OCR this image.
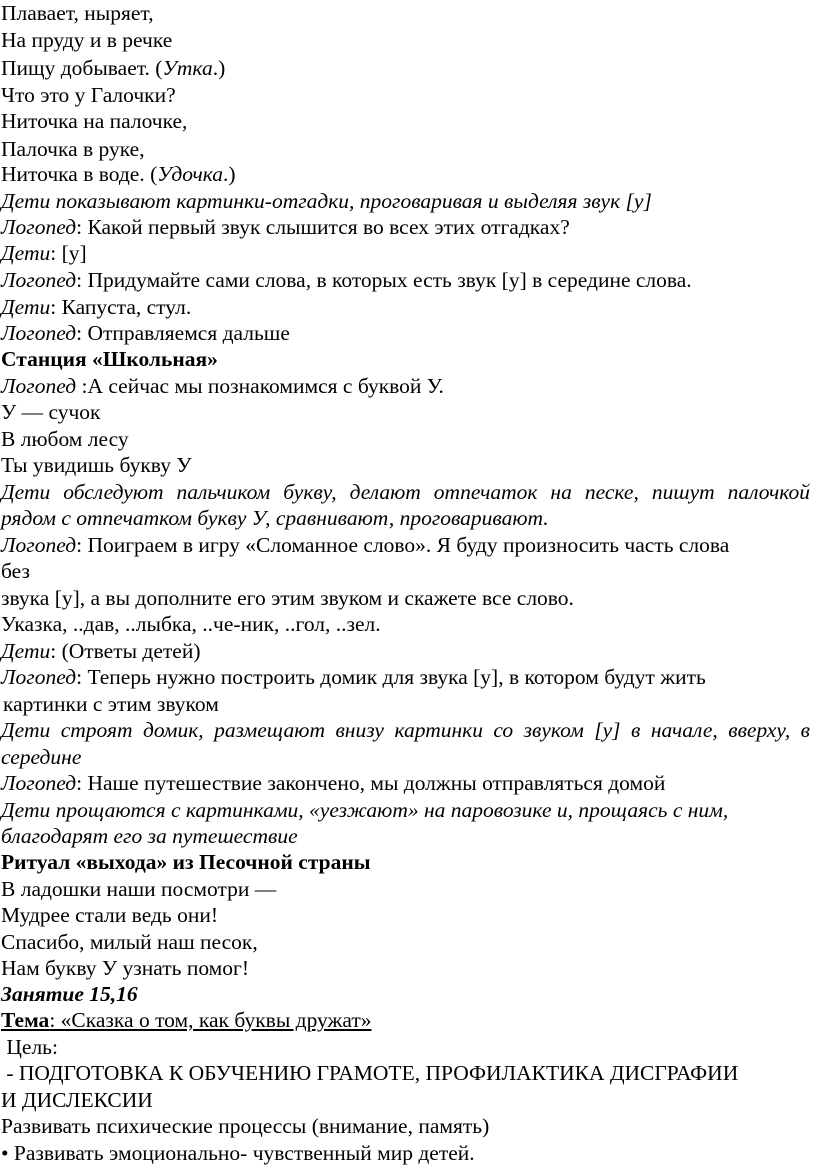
Плавает, ныряет,
На пруду и в речке
Пищу добывает. (Утка.)
Что это у Галочки?
Ниточка на палочке,
Палочка в руке,
Ниточка в воде. (Удочка.)
Дети показывают картинки-отгадки, проговаривая и выделяя звук [у]
Логопед: Какой первый звук слышится во всех этих отгадках?
Дети: [у]
Логопед: Придумайте сами слова, в которых есть звук [у] в середине слова.
Дети: Капуста, стул.
Логопед: Отправляемся дальше
Станция «Школьная»
Логопед :А сейчас мы познакомимся с буквой У.
У — сучок
В любом лесу
Ты увидишь букву У
Дети обследуют пальчиком букву, делают отпечаток на песке, пишут палочкой
рядом с отпечатком букву У, сравнивают, проговаривают.
Логопед: Поиграем в игру «Сломанное слово». Я буду произносить часть слова
без
звука [у], а вы дополните его этим звуком и скажете все слово.
Указка, ..дав, ..лыбка, ..че-ник, ..гол, ..зел.
Дети: (Ответы детей)
Логопед: Теперь нужно построить домик для звука [у], в котором будут жить
картинки с этим звуком
Дети строят домик, размещают внизу картинки со звуком [у] в начале, вверху, в
середине
Логопед: Наше путешествие закончено, мы должны отправляться домой
Дети прощаются с картинками, «уезжают» на паровозике и, прощаясь с ним,
благодарят его за путешествие
Ритуал «выхода» из Песочной страны
В ладошки наши посмотри —
Мудрее стали ведь они!
Спасибо, милый наш песок,
Нам букву У узнать помог!
Занятие 15,16
Тема: «Сказка о том, как буквы дружат»
Цель:
- ПОДГОТОВКА К ОБУЧЕНИЮ ГРАМОТЕ, ПРОФИЛАКТИКА ДИСГРАФИИ
И ДИСЛЕКСИИ
Развивать психические процессы (внимание, память)
• Развивать эмоционально- чувственный мир детей.
